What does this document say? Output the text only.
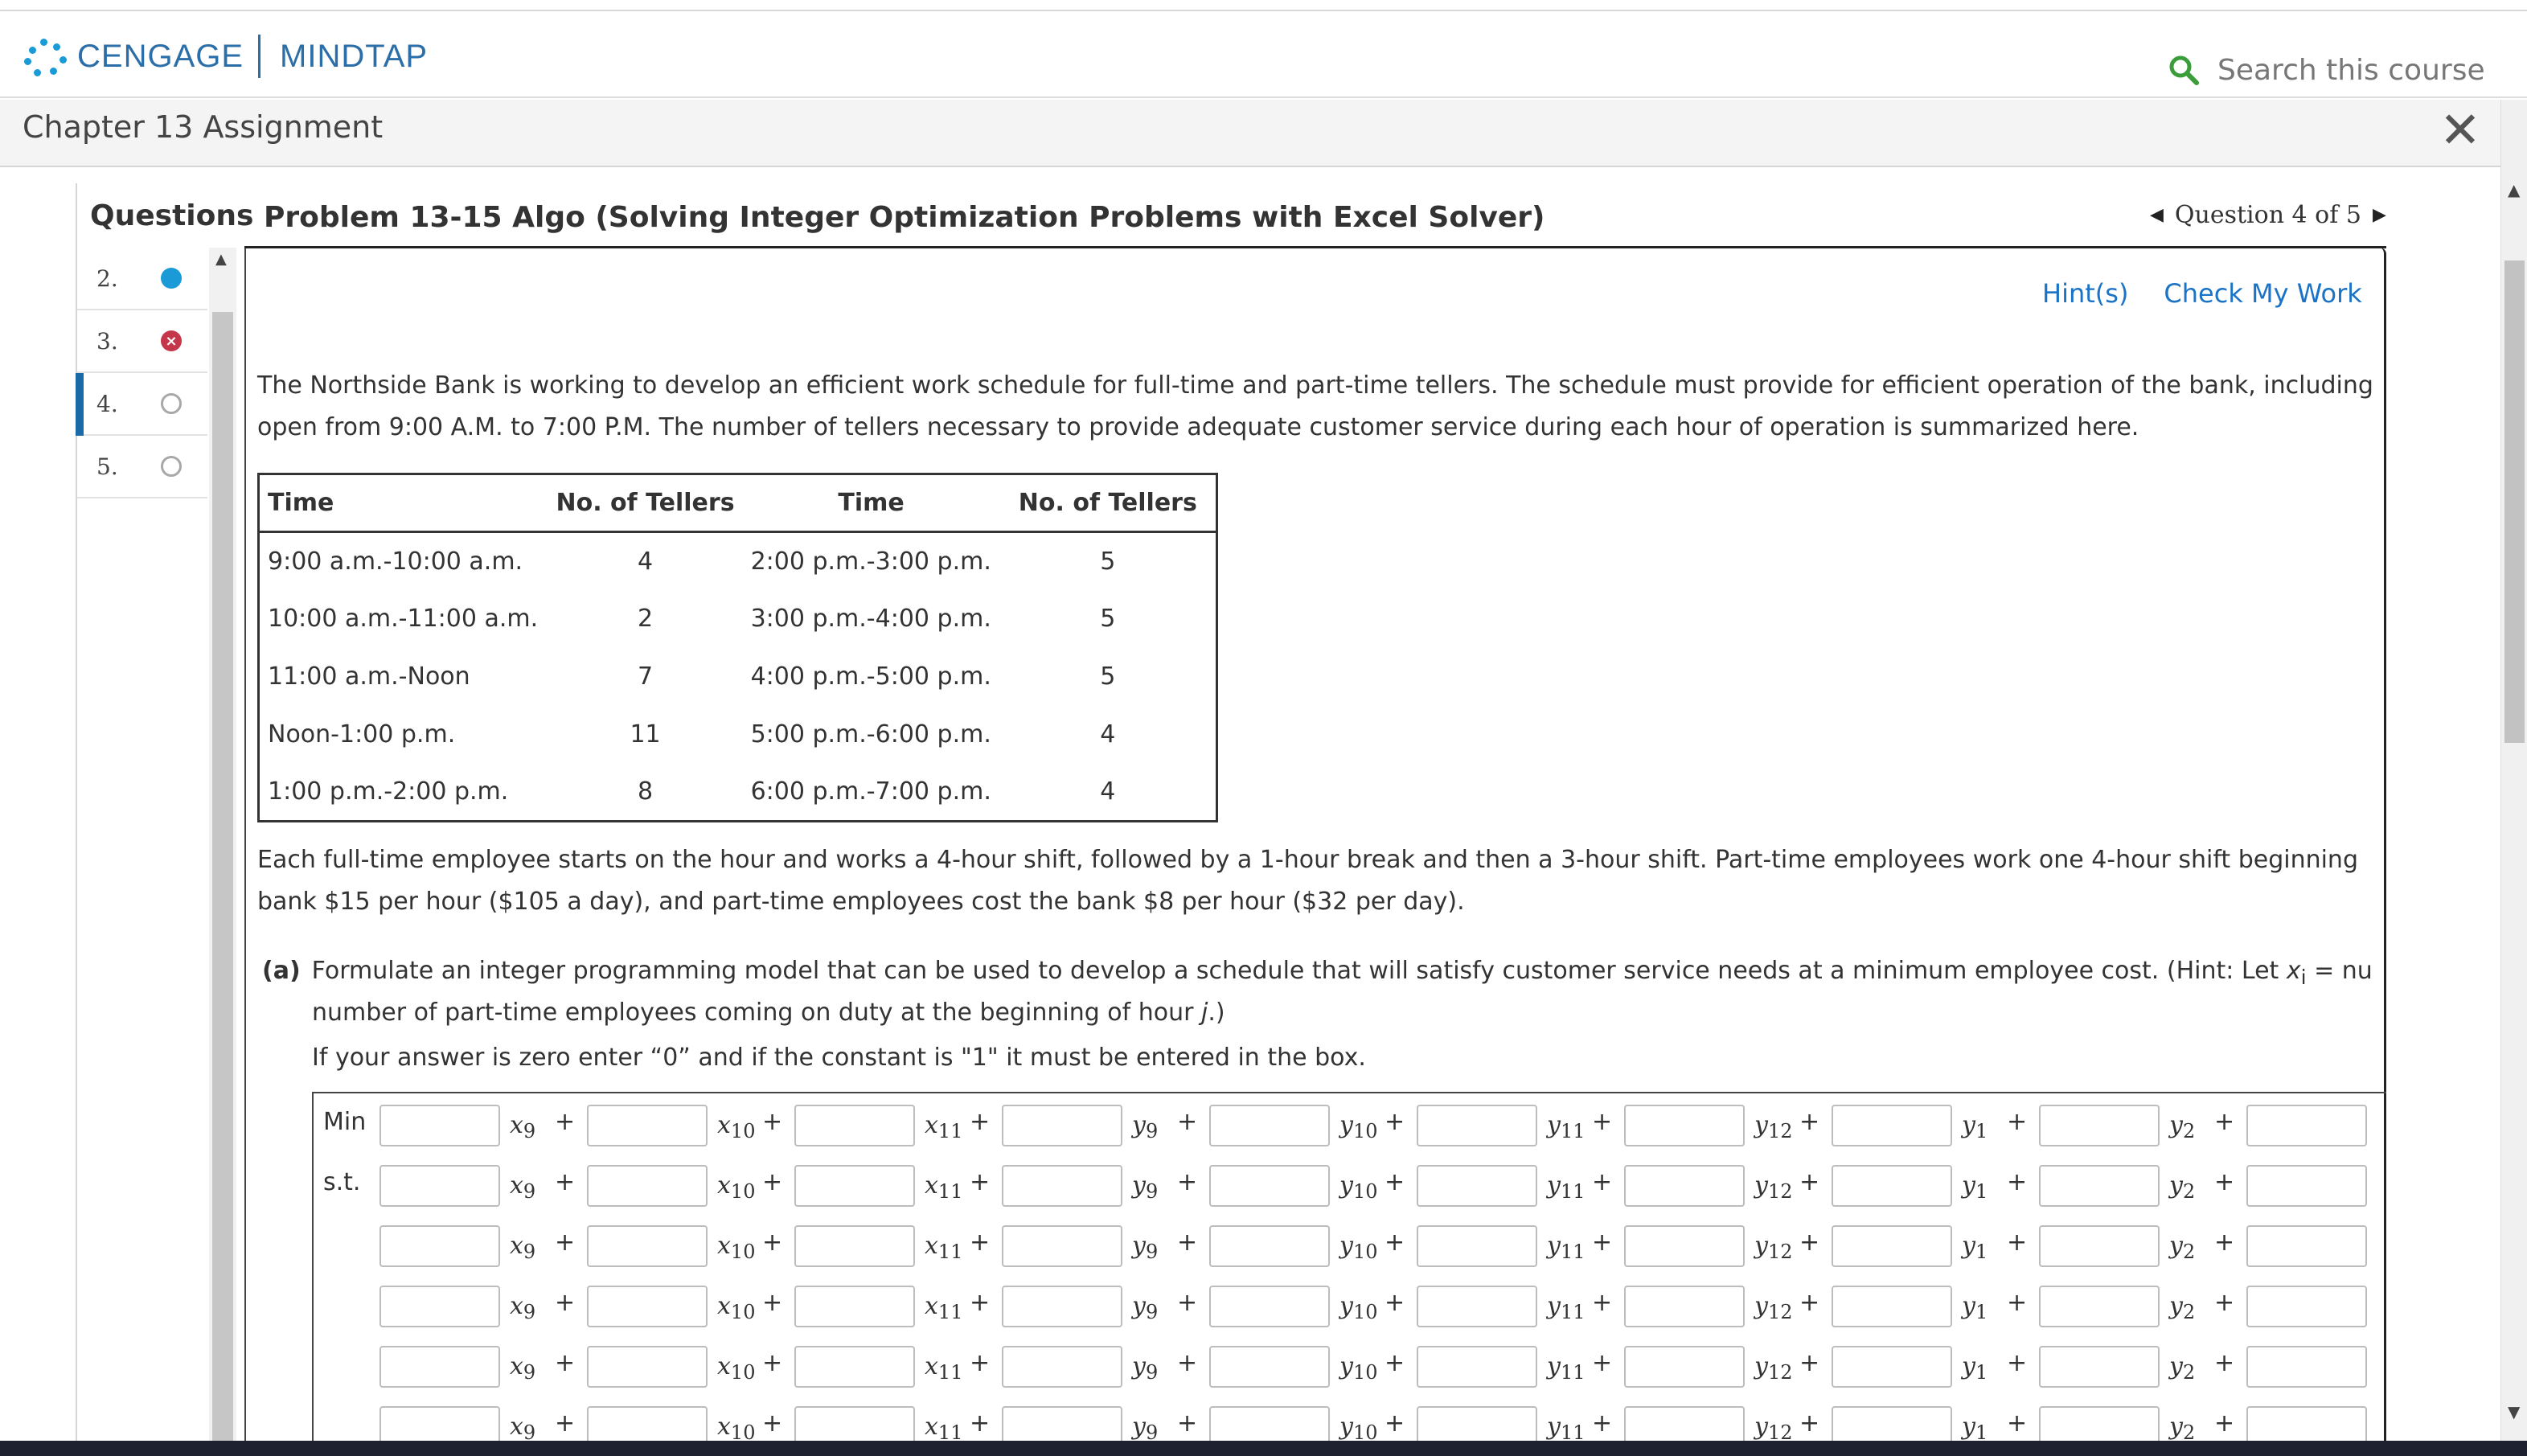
CENGAGE MINDTAP	Search this course
Chapter 13 Assignment	✕
Questions
2.
3.	×
4.
5.
▲
Problem 13-15 Algo (Solving Integer Optimization Problems with Excel Solver)	◀ Question 4 of 5 ▶
Hint(s) Check My Work
The Northside Bank is working to develop an efficient work schedule for full-time and part-time tellers. The schedule must provide for efficient operation of the bank, including
open from 9:00 A.M. to 7:00 P.M. The number of tellers necessary to provide adequate customer service during each hour of operation is summarized here.
Time	No. of Tellers	Time	No. of Tellers
9:00 a.m.-10:00 a.m.	4	2:00 p.m.-3:00 p.m.	5
10:00 a.m.-11:00 a.m.	2	3:00 p.m.-4:00 p.m.	5
11:00 a.m.-Noon	7	4:00 p.m.-5:00 p.m.	5
Noon-1:00 p.m.	11	5:00 p.m.-6:00 p.m.	4
1:00 p.m.-2:00 p.m.	8	6:00 p.m.-7:00 p.m.	4
Each full-time employee starts on the hour and works a 4-hour shift, followed by a 1-hour break and then a 3-hour shift. Part-time employees work one 4-hour shift beginning
bank $15 per hour ($105 a day), and part-time employees cost the bank $8 per hour ($32 per day).
(a) Formulate an integer programming model that can be used to develop a schedule that will satisfy customer service needs at a minimum employee cost. (Hint: Let $x_i$ = nu
number of part-time employees coming on duty at the beginning of hour j.)
If your answer is zero enter “0” and if the constant is "1" it must be entered in the box.
Min	$x_9$ +	$x_{10}$ +	$x_{11}$ +	$y_9$ +	$y_{10}$ +	$y_{11}$ +	$y_{12}$ +	$y_1$ +	$y_2$ +
s.t.	$x_9$ +	$x_{10}$ +	$x_{11}$ +	$y_9$ +	$y_{10}$ +	$y_{11}$ +	$y_{12}$ +	$y_1$ +	$y_2$ +
$x_9$ +	$x_{10}$ +	$x_{11}$ +	$y_9$ +	$y_{10}$ +	$y_{11}$ +	$y_{12}$ +	$y_1$ +	$y_2$ +
$x_9$ +	$x_{10}$ +	$x_{11}$ +	$y_9$ +	$y_{10}$ +	$y_{11}$ +	$y_{12}$ +	$y_1$ +	$y_2$ +
$x_9$ +	$x_{10}$ +	$x_{11}$ +	$y_9$ +	$y_{10}$ +	$y_{11}$ +	$y_{12}$ +	$y_1$ +	$y_2$ +
$x_9$ +	$x_{10}$ +	$x_{11}$ +	$y_9$ +	$y_{10}$ +	$y_{11}$ +	$y_{12}$ +	$y_1$ +	$y_2$ +
▲
▼
